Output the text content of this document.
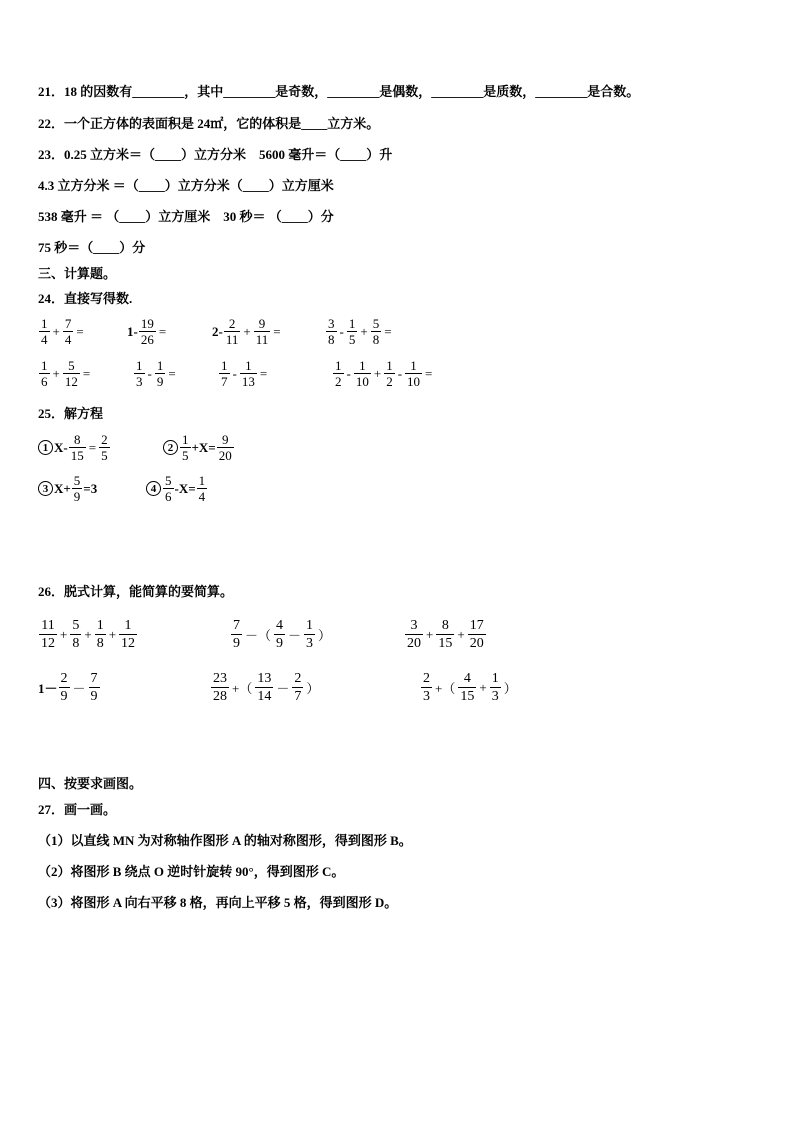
21．18 的因数有________，其中________是奇数，________是偶数，________是质数，________是合数。
22．一个正方体的表面积是 24㎡，它的体积是____立方米。
23．0.25 立方米＝（____）立方分米　5600 毫升＝（____）升
4.3 立方分米 ＝（____）立方分米（____）立方厘米
538 毫升 ＝ （____）立方厘米　30 秒＝ （____）分
75 秒＝（____）分
三、计算题。
24．直接写得数.
$\frac{1}{4} + \frac{7}{4}$ =	$1- \frac{19}{26}$ =	$2- \frac{2}{11} + \frac{9}{11}$ =	$\frac{3}{8} - \frac{1}{5} + \frac{5}{8}$ =
$\frac{1}{6} + \frac{5}{12}$ =	$\frac{1}{3} - \frac{1}{9}$ =	$\frac{1}{7} - \frac{1}{13}$ =	$\frac{1}{2} - \frac{1}{10} + \frac{1}{2} - \frac{1}{10}$ =
25．解方程
1 $X- \frac{8}{15} = \frac{2}{5}$	$2 \frac{1}{5} +X= \frac{9}{20}$
3 $X+ \frac{5}{9} =3$	$4 \frac{5}{6} -X= \frac{1}{4}$
26．脱式计算，能简算的要简算。
$\frac{11}{12} + \frac{5}{8} + \frac{1}{8} + \frac{1}{12}$	$\frac{7}{9}$ －（ $\frac{4}{9} - \frac{1}{3}$ ）	$\frac{3}{20} + \frac{8}{15} + \frac{17}{20}$
$1- \frac{2}{9} - \frac{7}{9}$	$\frac{23}{28}$ +（ $\frac{13}{14} - \frac{2}{7}$ ）	$\frac{2}{3}$ +（ $\frac{4}{15} + \frac{1}{3}$ ）
四、按要求画图。
27．画一画。
（1）以直线 MN 为对称轴作图形 A 的轴对称图形，得到图形 B。
（2）将图形 B 绕点 O 逆时针旋转 90°，得到图形 C。
（3）将图形 A 向右平移 8 格，再向上平移 5 格，得到图形 D。
